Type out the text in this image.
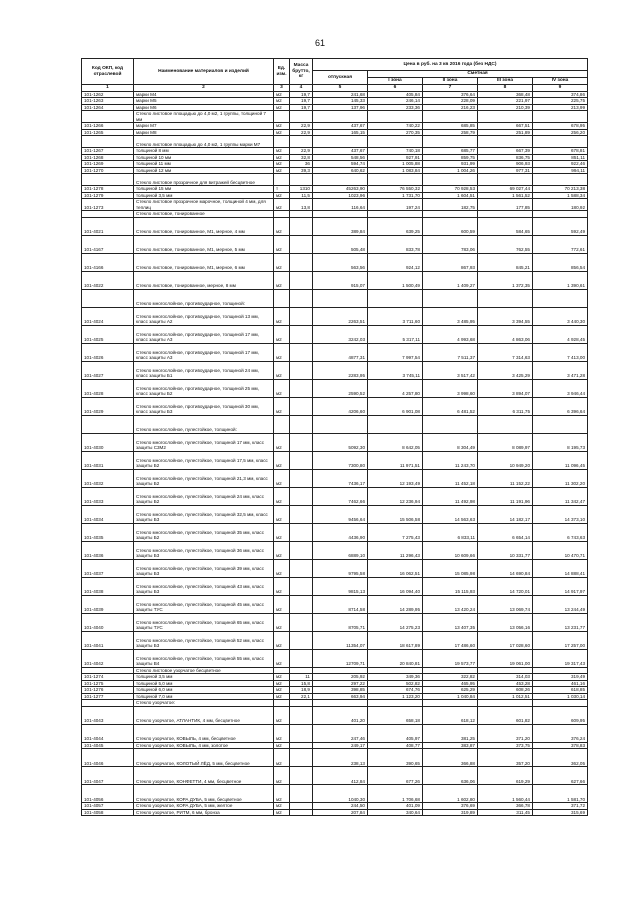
61
Код ОКП, код отраслевой	Наименование материалов и изделий	Ед. изм.	Масса брутто, кг	Цена в руб. на 3 кв 2016 года (без НДС)				
				отпускная	Сметная			
					I зона	II зона	III зона	IV зона
1	2	3	4	5	6	7	8	9
101-1262	марки М4	м2	19,7	241,68	405,84	376,64	368,48	374,86
101-1263	марки М5	м2	19,7	145,33	246,14	228,09	221,97	225,75
101-1264	марки М6	м2	19,7	137,96	233,36	216,23	210,39	213,99
	Стекло листовое площадью до 4,0 м2, 1 группы, толщиной 7 мм							
101-1266	марки М7	м2	22,9	437,67	740,22	685,85	667,51	678,95
101-1265	марки М8	м2	22,9	165,15	270,35	258,79	251,89	256,20
	Стекло листовое площадью до 4,0 м2, 1 группы марки М7							
101-1267	толщиной 8 мм	м2	22,9	437,67	740,18	685,77	667,39	678,81
101-1268	толщиной 10 мм	м2	32,8	548,56	927,91	859,75	836,75	851,11
101-1269	толщиной 11 мм	м2	36	594,74	1 005,88	931,99	906,93	922,46
101-1270	толщиной 12 мм	м2	39,3	640,62	1 083,84	1 004,26	977,31	994,11
	Стекло листовое прозрачное для витражей бесцветное							
101-1278	толщиной 15 мм	т	1310	45263,90	76 550,32	70 928,53	69 027,44	70 213,38
101-1279	толщиной 3,5 мм	м2	11,5	1023,96	1 731,70	1 604,51	1 561,52	1 588,34
101-1273	Стекло листовое прозрачное марочное, толщиной 4 мм, для теплиц	м2	13,8	116,64	197,24	182,75	177,85	180,92
	Стекло листовое, тонированное							
101-4021	Стекло листовое, тонированное, М1, мерное, 4 мм	м2		389,84	639,25	600,59	584,65	592,49
101-4167	Стекло листовое, тонированное, М1, мерное, 5 мм	м2		505,48	833,78	783,06	762,55	772,61
101-4166	Стекло листовое, тонированное, М1, мерное, 6 мм	м2		563,56	924,12	867,93	845,21	856,54
101-4022	Стекло листовое, тонированное, мерное, 8 мм	м2		915,07	1 500,49	1 409,27	1 372,35	1 390,61
	Стекло многослойное, противоударное, толщиной:							
101-4024	Стекло многослойное, противоударное, толщиной 13 мм, класс защиты А2	м2		2263,51	3 711,60	3 485,95	3 394,55	3 440,30
101-4025	Стекло многослойное, противоударное, толщиной 17 мм, класс защиты А3	м2		3242,03	5 317,11	4 993,68	4 863,06	4 928,45
101-4026	Стекло многослойное, противоударное, толщиной 17 мм, класс защиты А3	м2		4877,31	7 997,54	7 511,37	7 314,63	7 413,00
101-4027	Стекло многослойное, противоударное, толщиной 24 мм, класс защиты Б1	м2		2283,95	3 745,11	3 517,42	3 425,29	3 471,28
101-4028	Стекло многослойное, противоударное, толщиной 25 мм, класс защиты Б2	м2		2590,52	4 257,80	3 998,60	3 894,07	3 946,44
101-4029	Стекло многослойное, противоударное, толщиной 30 мм, класс защиты Б3	м2		4206,60	6 901,08	6 481,52	6 311,75	6 396,64
	Стекло многослойное, пулестойкое, толщиной:							
101-4030	Стекло многослойное, пулестойкое, толщиной 17 мм, класс защиты С3М2	м2		5092,30	8 642,05	8 304,49	8 089,97	8 195,73
101-4031	Стекло многослойное, пулестойкое, толщиной 17,5 мм, класс защиты Б2	м2		7300,80	11 971,51	11 243,70	10 949,20	11 096,45
101-4032	Стекло многослойное, пулестойкое, толщиной 21,3 мм, класс защиты Б2	м2		7436,17	12 193,49	11 452,18	11 152,22	11 302,20
101-4033	Стекло многослойное, пулестойкое, толщиной 24 мм, класс защиты Б2	м2		7462,66	12 236,94	11 492,98	11 191,96	11 342,47
101-4034	Стекло многослойное, пулестойкое, толщиной 32,5 мм, класс защиты Б3	м2		9456,64	15 506,58	14 563,63	14 182,17	14 373,10
101-4035	Стекло многослойное, пулестойкое, толщиной 35 мм, класс защиты Б2	м2		4436,90	7 275,43	6 833,11	6 654,14	6 743,63
101-4036	Стекло многослойное, пулестойкое, толщиной 36 мм, класс защиты Б3	м2		6889,10	11 296,43	10 609,66	10 331,77	10 470,71
101-4037	Стекло многослойное, пулестойкое, толщиной 39 мм, класс защиты Б3	м2		9795,58	16 062,51	15 085,98	14 690,84	14 888,41
101-4038	Стекло многослойное, пулестойкое, толщиной 43 мм, класс защиты Б3	м2		9815,13	16 094,40	15 115,93	14 720,01	14 917,97
101-4039	Стекло многослойное, пулестойкое, толщиной 45 мм, класс защиты ТУС	м2		8714,58	14 289,95	13 420,24	13 069,74	13 244,49
101-4040	Стекло многослойное, пулестойкое, толщиной 65 мм, класс защиты ТУС	м2		8705,71	14 275,23	13 407,35	13 056,16	13 231,77
101-4041	Стекло многослойное, пулестойкое, толщиной 52 мм, класс защиты Б3	м2		11354,07	18 617,89	17 486,60	17 028,60	17 257,00
101-4042	Стекло многослойное, пулестойкое, толщиной 55 мм, класс защиты В4	м2		12709,71	20 840,81	19 573,77	19 061,00	19 317,43
	Стекло листовое узорчатое бесцветное							
101-1274	толщиной 3,5 мм	м2	11	205,92	349,36	322,82	314,03	319,49
101-1275	толщиной 5,0 мм	м2	15,8	297,22	502,82	465,95	453,28	461,16
101-1276	толщиной 6,0 мм	м2	18,9	398,85	674,76	625,29	608,26	618,85
101-1277	толщиной 7,0 мм	м2	22,1	663,94	1 123,20	1 040,84	1 012,51	1 030,14
	Стекло узорчатое:							
101-4043	Стекло узорчатое, АТЛАНТИК, 4 мм, бесцветное	м2		401,20	658,18	618,12	601,82	609,95
101-4044	Стекло узорчатое, КОВЫЛЬ, 4 мм, бесцветное	м2		247,46	405,97	381,25	371,20	376,24
101-4045	Стекло узорчатое, КОВЫЛЬ, 4 мм, золотое	м2		249,17	408,77	383,87	373,75	378,83
101-4046	Стекло узорчатое, КОЛОТЫЙ ЛЁД, 5 мм, бесцветное	м2		238,13	390,65	366,88	357,20	362,05
101-4047	Стекло узорчатое, КОНФЕТТИ, 4 мм, бесцветное	м2		412,84	677,26	636,06	619,29	627,66
101-4056	Стекло узорчатое, КОРА ДУБА, 5 мм, бесцветное	м2		1040,30	1 706,68	1 602,80	1 560,44	1 581,70
101-4057	Стекло узорчатое, КОРА ДУБА, 5 мм, желтое	м2		244,50	401,09	376,69	366,78	371,72
101-4058	Стекло узорчатое, РИТМ, 6 мм, бронза	м2		207,84	340,64	319,89	311,45	315,69
